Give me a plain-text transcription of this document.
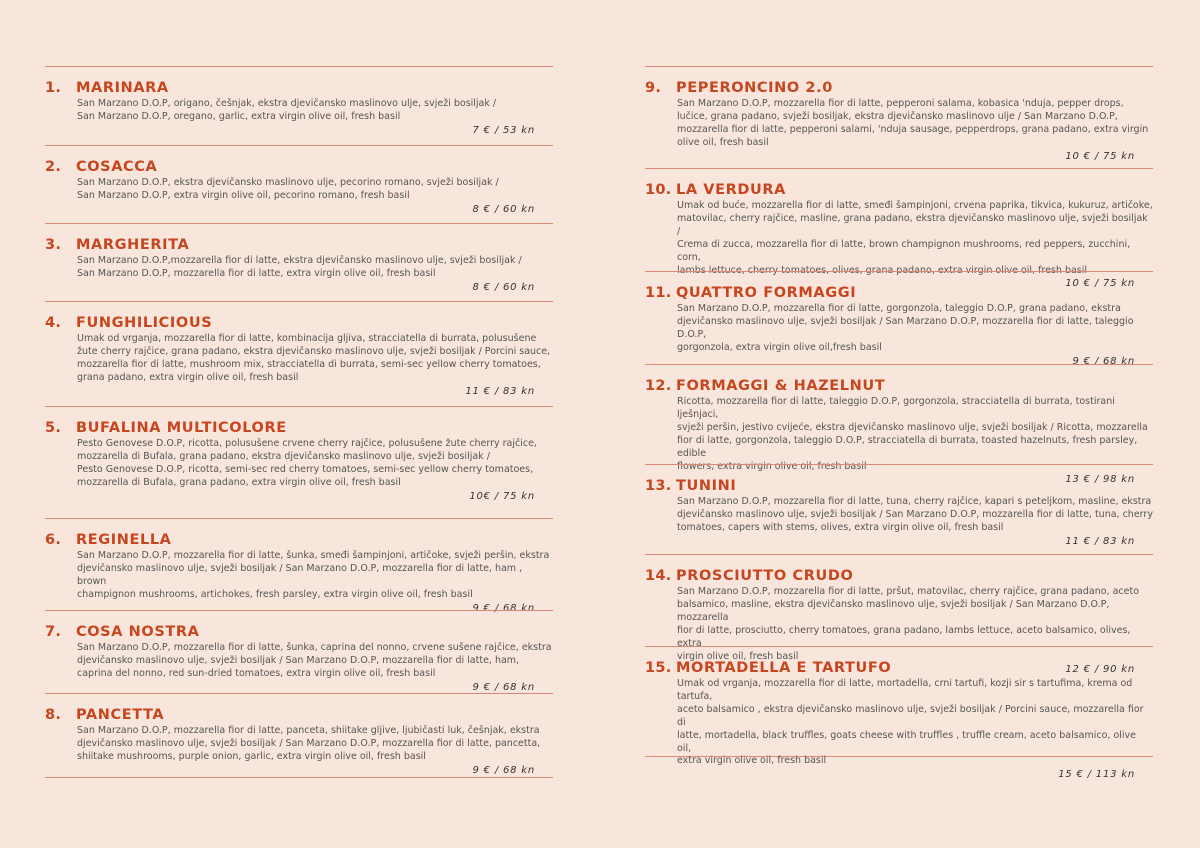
1.	MARINARA
San Marzano D.O.P, origano, češnjak, ekstra djevičansko maslinovo ulje, svježi bosiljak /
San Marzano D.O.P, oregano, garlic, extra virgin olive oil, fresh basil
7 € / 53 kn
2.	COSACCA
San Marzano D.O.P, ekstra djevičansko maslinovo ulje, pecorino romano, svježi bosiljak /
San Marzano D.O.P, extra virgin olive oil, pecorino romano, fresh basil
8 € / 60 kn
3.	MARGHERITA
San Marzano D.O.P,mozzarella fior di latte, ekstra djevičansko maslinovo ulje, svježi bosiljak /
San Marzano D.O.P, mozzarella fior di latte, extra virgin olive oil, fresh basil
8 € / 60 kn
4.	FUNGHILICIOUS
Umak od vrganja, mozzarella fior di latte, kombinacija gljiva, stracciatella di burrata, polusušene
žute cherry rajčice, grana padano, ekstra djevičansko maslinovo ulje, svježi bosiljak / Porcini sauce,
mozzarella fior di latte, mushroom mix, stracciatella di burrata, semi-sec yellow cherry tomatoes,
grana padano, extra virgin olive oil, fresh basil
11 € / 83 kn
5.	BUFALINA MULTICOLORE
Pesto Genovese D.O.P, ricotta, polusušene crvene cherry rajčice, polusušene žute cherry rajčice,
mozzarella di Bufala, grana padano, ekstra djevičansko maslinovo ulje, svježi bosiljak /
Pesto Genovese D.O.P, ricotta, semi-sec red cherry tomatoes, semi-sec yellow cherry tomatoes,
mozzarella di Bufala, grana padano, extra virgin olive oil, fresh basil
10€ / 75 kn
6.	REGINELLA
San Marzano D.O.P, mozzarella fior di latte, šunka, smeđi šampinjoni, artičoke, svježi peršin, ekstra
djevičansko maslinovo ulje, svježi bosiljak / San Marzano D.O.P, mozzarella fior di latte, ham , brown
champignon mushrooms, artichokes, fresh parsley, extra virgin olive oil, fresh basil
9 € / 68 kn
7.	COSA NOSTRA
San Marzano D.O.P, mozzarella fior di latte, šunka, caprina del nonno, crvene sušene rajčice, ekstra
djevičansko maslinovo ulje, svježi bosiljak / San Marzano D.O.P, mozzarella fior di latte, ham,
caprina del nonno, red sun-dried tomatoes, extra virgin olive oil, fresh basil
9 € / 68 kn
8.	PANCETTA
San Marzano D.O.P, mozzarella fior di latte, panceta, shiitake gljive, ljubičasti luk, češnjak, ekstra
djevičansko maslinovo ulje, svježi bosiljak / San Marzano D.O.P, mozzarella fior di latte, pancetta,
shiitake mushrooms, purple onion, garlic, extra virgin olive oil, fresh basil
9 € / 68 kn
9.	PEPERONCINO 2.0
San Marzano D.O.P, mozzarella fior di latte, pepperoni salama, kobasica 'nduja, pepper drops,
lučice, grana padano, svježi bosiljak, ekstra djevičansko maslinovo ulje / San Marzano D.O.P,
mozzarella fior di latte, pepperoni salami, 'nduja sausage, pepperdrops, grana padano, extra virgin
olive oil, fresh basil
10 € / 75 kn
10. LA VERDURA
Umak od buće, mozzarella fior di latte, smeđi šampinjoni, crvena paprika, tikvica, kukuruz, artičoke,
matovilac, cherry rajčice, masline, grana padano, ekstra djevičansko maslinovo ulje, svježi bosiljak /
Crema di zucca, mozzarella fior di latte, brown champignon mushrooms, red peppers, zucchini, corn,
lambs lettuce, cherry tomatoes, olives, grana padano, extra virgin olive oil, fresh basil
10 € / 75 kn
11. QUATTRO FORMAGGI
San Marzano D.O.P, mozzarella fior di latte, gorgonzola, taleggio D.O.P, grana padano, ekstra
djevičansko maslinovo ulje, svježi bosiljak / San Marzano D.O.P, mozzarella fior di latte, taleggio D.O.P,
gorgonzola, extra virgin olive oil,fresh basil
9 € / 68 kn
12. FORMAGGI & HAZELNUT
Ricotta, mozzarella fior di latte, taleggio D.O.P, gorgonzola, stracciatella di burrata, tostirani lješnjaci,
svježi peršin, jestivo cvijeće, ekstra djevičansko maslinovo ulje, svježi bosiljak / Ricotta, mozzarella
fior di latte, gorgonzola, taleggio D.O.P, stracciatella di burrata, toasted hazelnuts, fresh parsley, edible
flowers, extra virgin olive oil, fresh basil
13 € / 98 kn
13. TUNINI
San Marzano D.O.P, mozzarella fior di latte, tuna, cherry rajčice, kapari s peteljkom, masline, ekstra
djevičansko maslinovo ulje, svježi bosiljak / San Marzano D.O.P, mozzarella fior di latte, tuna, cherry
tomatoes, capers with stems, olives, extra virgin olive oil, fresh basil
11 € / 83 kn
14. PROSCIUTTO CRUDO
San Marzano D.O.P, mozzarella fior di latte, pršut, matovilac, cherry rajčice, grana padano, aceto
balsamico, masline, ekstra djevičansko maslinovo ulje, svježi bosiljak / San Marzano D.O.P, mozzarella
fior di latte, prosciutto, cherry tomatoes, grana padano, lambs lettuce, aceto balsamico, olives, extra
virgin olive oil, fresh basil
12 € / 90 kn
15. MORTADELLA E TARTUFO
Umak od vrganja, mozzarella fior di latte, mortadella, crni tartufi, kozji sir s tartufima, krema od tartufa,
aceto balsamico , ekstra djevičansko maslinovo ulje, svježi bosiljak / Porcini sauce, mozzarella fior di
latte, mortadella, black truffles, goats cheese with truffles , truffle cream, aceto balsamico, olive oil,
extra virgin olive oil, fresh basil
15 € / 113 kn
